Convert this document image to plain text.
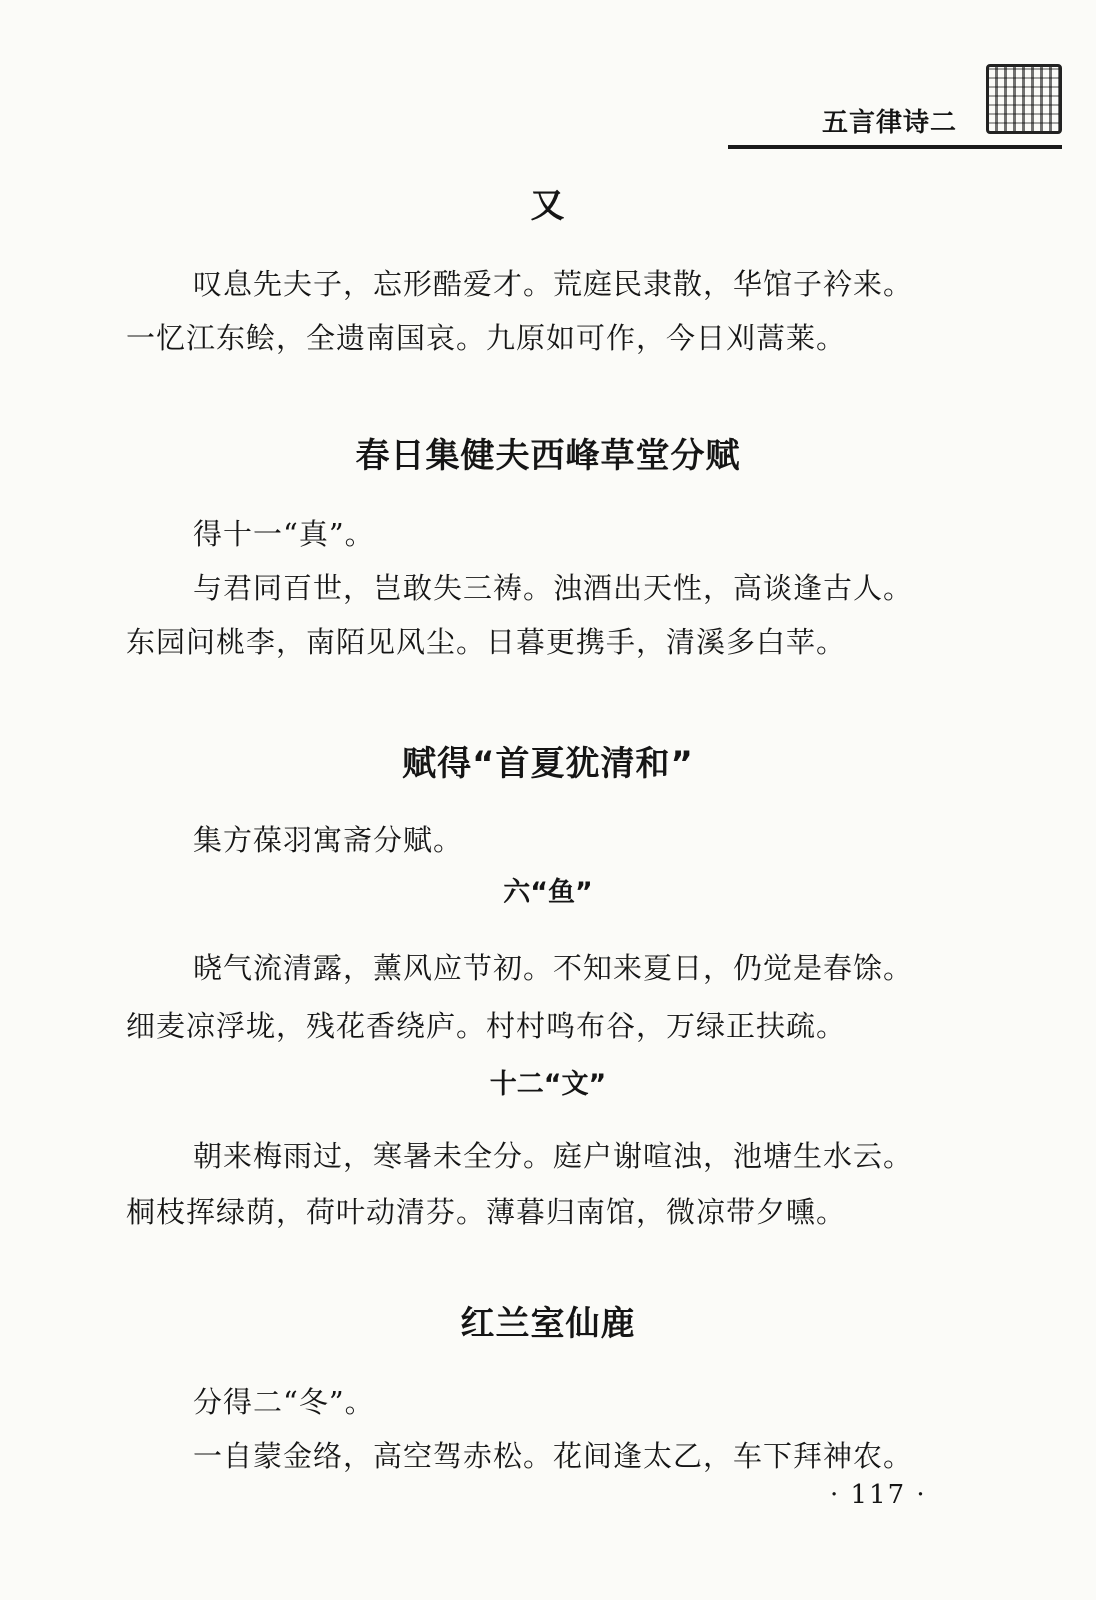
五言律诗二
又
叹息先夫子，忘形酷爱才。荒庭民隶散，华馆子衿来。
一忆江东鲙，全遗南国哀。九原如可作，今日刈蒿莱。
春日集健夫西峰草堂分赋
得十一“真”。
与君同百世，岂敢失三祷。浊酒出天性，高谈逢古人。
东园问桃李，南陌见风尘。日暮更携手，清溪多白苹。
赋得“首夏犹清和”
集方葆羽寓斋分赋。
六“鱼”
晓气流清露，薰风应节初。不知来夏日，仍觉是春馀。
细麦凉浮垅，残花香绕庐。村村鸣布谷，万绿正扶疏。
十二“文”
朝来梅雨过，寒暑未全分。庭户谢喧浊，池塘生水云。
桐枝挥绿荫，荷叶动清芬。薄暮归南馆，微凉带夕曛。
红兰室仙鹿
分得二“冬”。
一自蒙金络，高空驾赤松。花间逢太乙，车下拜神农。
· 117 ·
